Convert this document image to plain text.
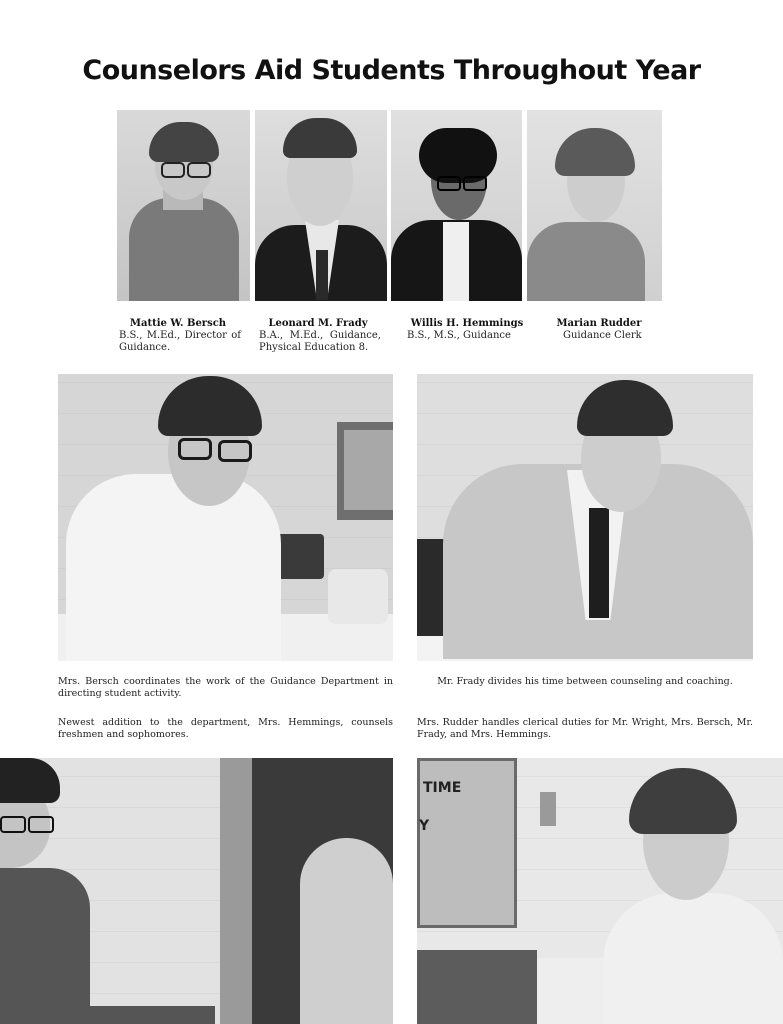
Counselors Aid Students Throughout Year
Mattie W. Bersch
B.S., M.Ed., Director of Guidance.
Leonard M. Frady
B.A., M.Ed., Guidance, Physical Education 8.
Willis H. Hemmings
B.S., M.S., Guidance
Marian Rudder
Guidance Clerk
Mrs. Bersch coordinates the work of the Guidance Department in directing student activity.
Mr. Frady divides his time between counseling and coaching.
Newest addition to the department, Mrs. Hemmings, counsels freshmen and sophomores.
Mrs. Rudder handles clerical duties for Mr. Wright, Mrs. Bersch, Mr. Frady, and Mrs. Hemmings.
TIME
Y
